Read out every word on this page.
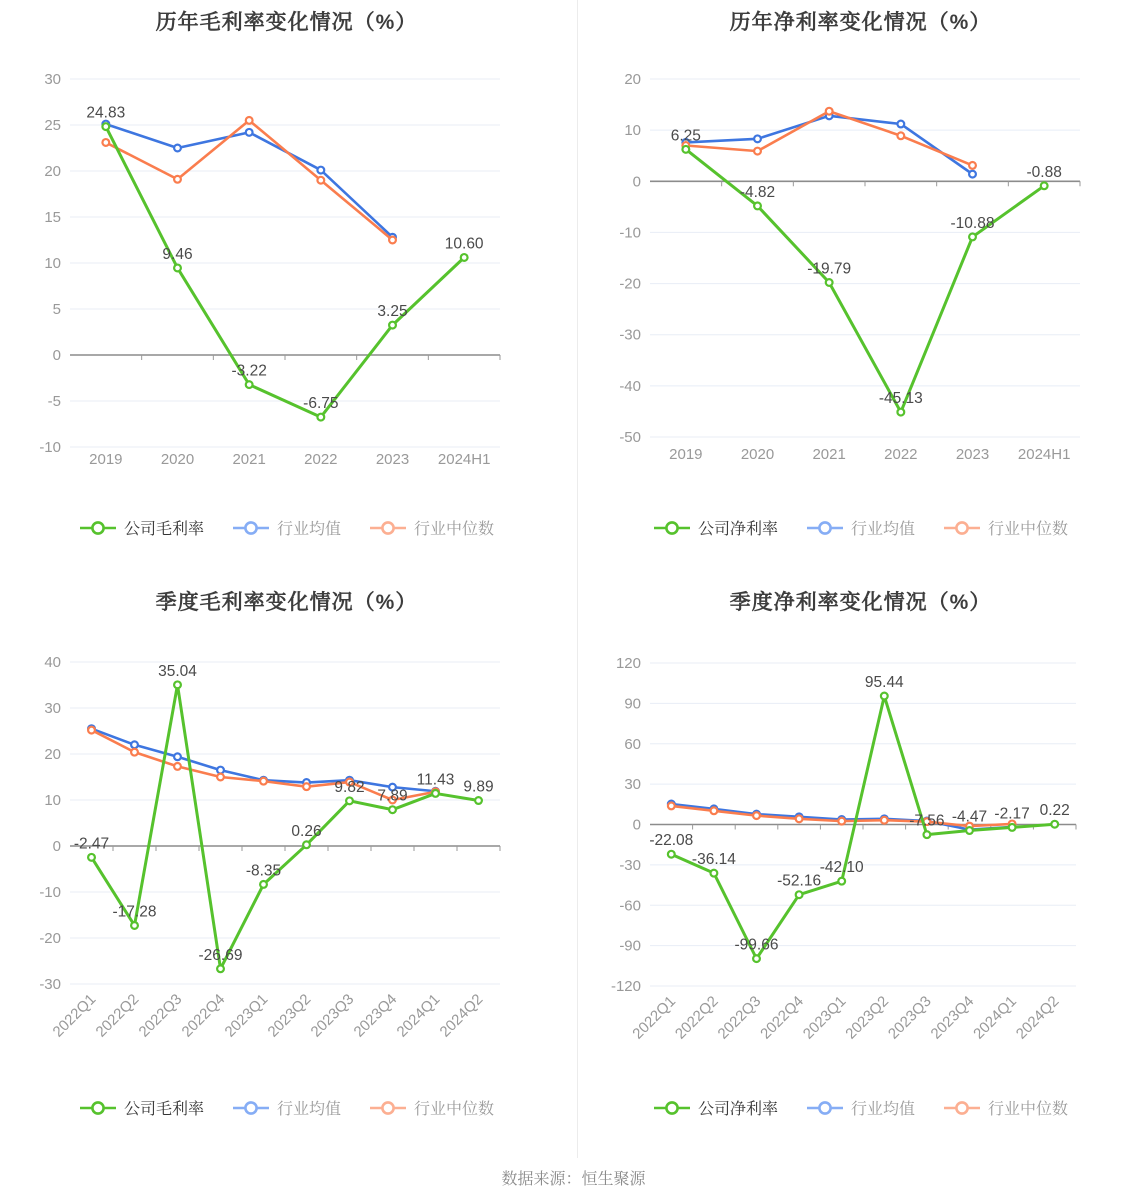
历年毛利率变化情况（%）
30
25
20
15
10
5
0
-5
-10
2019	2020	2021	2022	2023 2024H1
24.83
9.46
-3.22
-6.75
3.25
10.60
公司毛利率	行业均值	行业中位数
历年净利率变化情况（%）
20
10
0
-10
-20
-30
-40
-50
2019	2020	2021	2022	2023 2024H1
6.25
-4.82
-19.79
-45.13
-10.88
-0.88
公司净利率	行业均值	行业中位数
季度毛利率变化情况（%）
40
30
20
10
0
-10
-20
-30
2022Q1
2022Q2
2022Q3
2022Q4
2023Q1
2023Q2
2023Q3
2023Q4
2024Q1
2024Q2
-2.47
-17.28
35.04
-26.69
-8.35
0.26
9.82
7.89
11.43 9.89
公司毛利率	行业均值	行业中位数
季度净利率变化情况（%）
120
90
60
30
0
-30
-60
-90
-120
2022Q1
2022Q2
2022Q3
2022Q4
2023Q1
2023Q2
2023Q3
2023Q4
2024Q1
2024Q2
-22.08
-36.14
-99.66
-52.16
-42.10
95.44
-7.56 -4.47 -2.17 0.22
公司净利率	行业均值	行业中位数
数据来源：恒生聚源
